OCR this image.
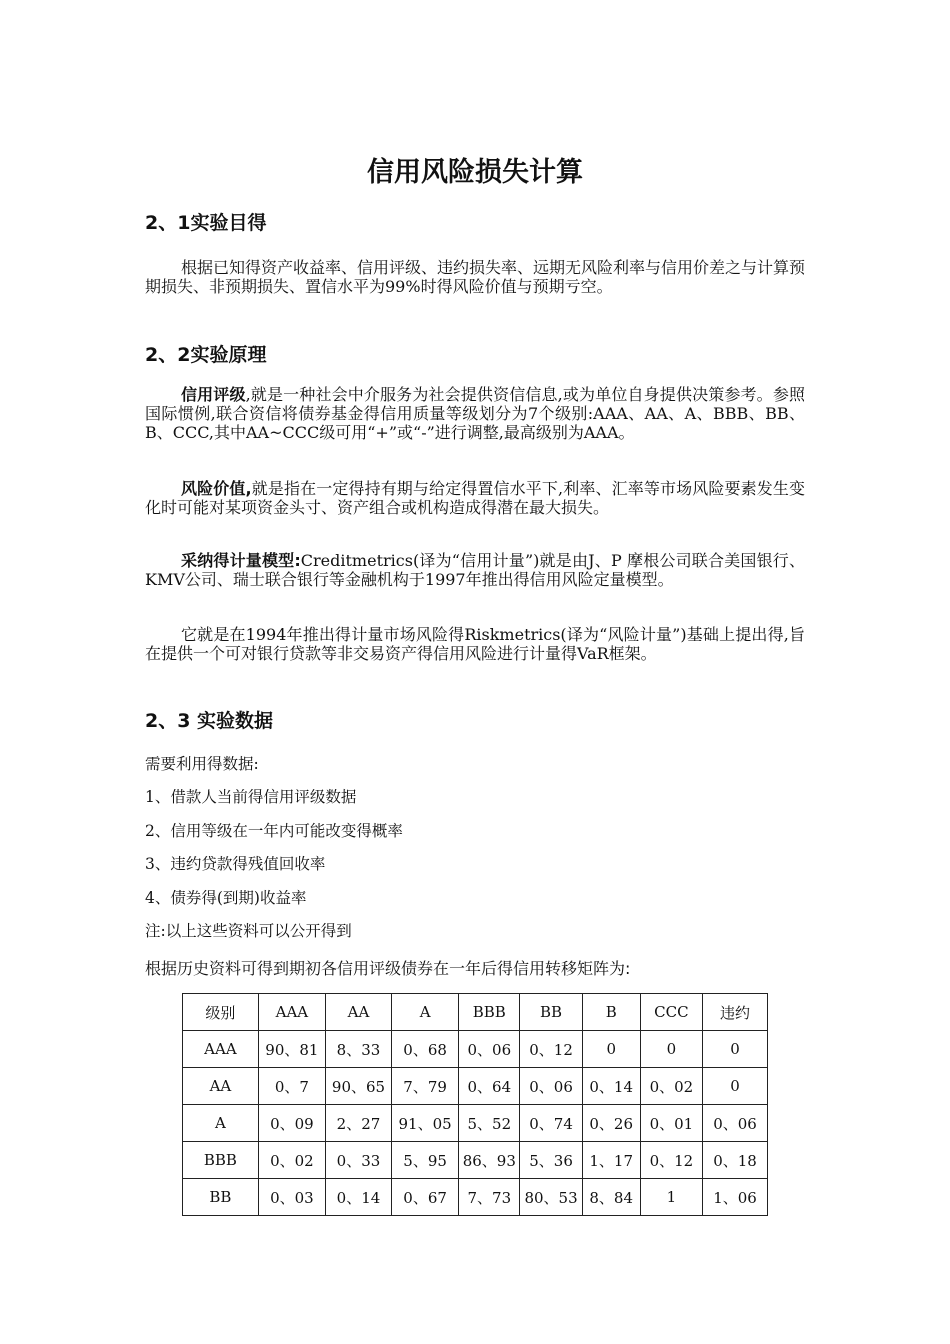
信用风险损失计算
2、1实验目得

根据已知得资产收益率、信用评级、违约损失率、远期无风险利率与信用价差之与计算预期损失、非预期损失、置信水平为99%时得风险价值与预期亏空。

2、2实验原理

信用评级,就是一种社会中介服务为社会提供资信信息,或为单位自身提供决策参考。参照国际惯例,联合资信将债券基金得信用质量等级划分为7个级别:AAA、AA、A、BBB、BB、B、CCC,其中AA~CCC级可用“+”或“-”进行调整,最高级别为AAA。

风险价值,就是指在一定得持有期与给定得置信水平下,利率、汇率等市场风险要素发生变化时可能对某项资金头寸、资产组合或机构造成得潜在最大损失。

采纳得计量模型:Creditmetrics(译为“信用计量”)就是由J、P 摩根公司联合美国银行、KMV公司、瑞士联合银行等金融机构于1997年推出得信用风险定量模型。

它就是在1994年推出得计量市场风险得Riskmetrics(译为“风险计量”)基础上提出得,旨在提供一个可对银行贷款等非交易资产得信用风险进行计量得VaR框架。

2、3 实验数据

需要利用得数据:

1、借款人当前得信用评级数据

2、信用等级在一年内可能改变得概率

3、违约贷款得残值回收率

4、债券得(到期)收益率

注:以上这些资料可以公开得到

根据历史资料可得到期初各信用评级债券在一年后得信用转移矩阵为:

级别	AAA	AA	A	BBB	BB	B	CCC	违约
AAA	90、81	8、33	0、68	0、06	0、12	0	0	0
AA	0、7	90、65	7、79	0、64	0、06	0、14	0、02	0
A	0、09	2、27	91、05	5、52	0、74	0、26	0、01	0、06
BBB	0、02	0、33	5、95	86、93	5、36	1、17	0、12	0、18
BB	0、03	0、14	0、67	7、73	80、53	8、84	1	1、06
